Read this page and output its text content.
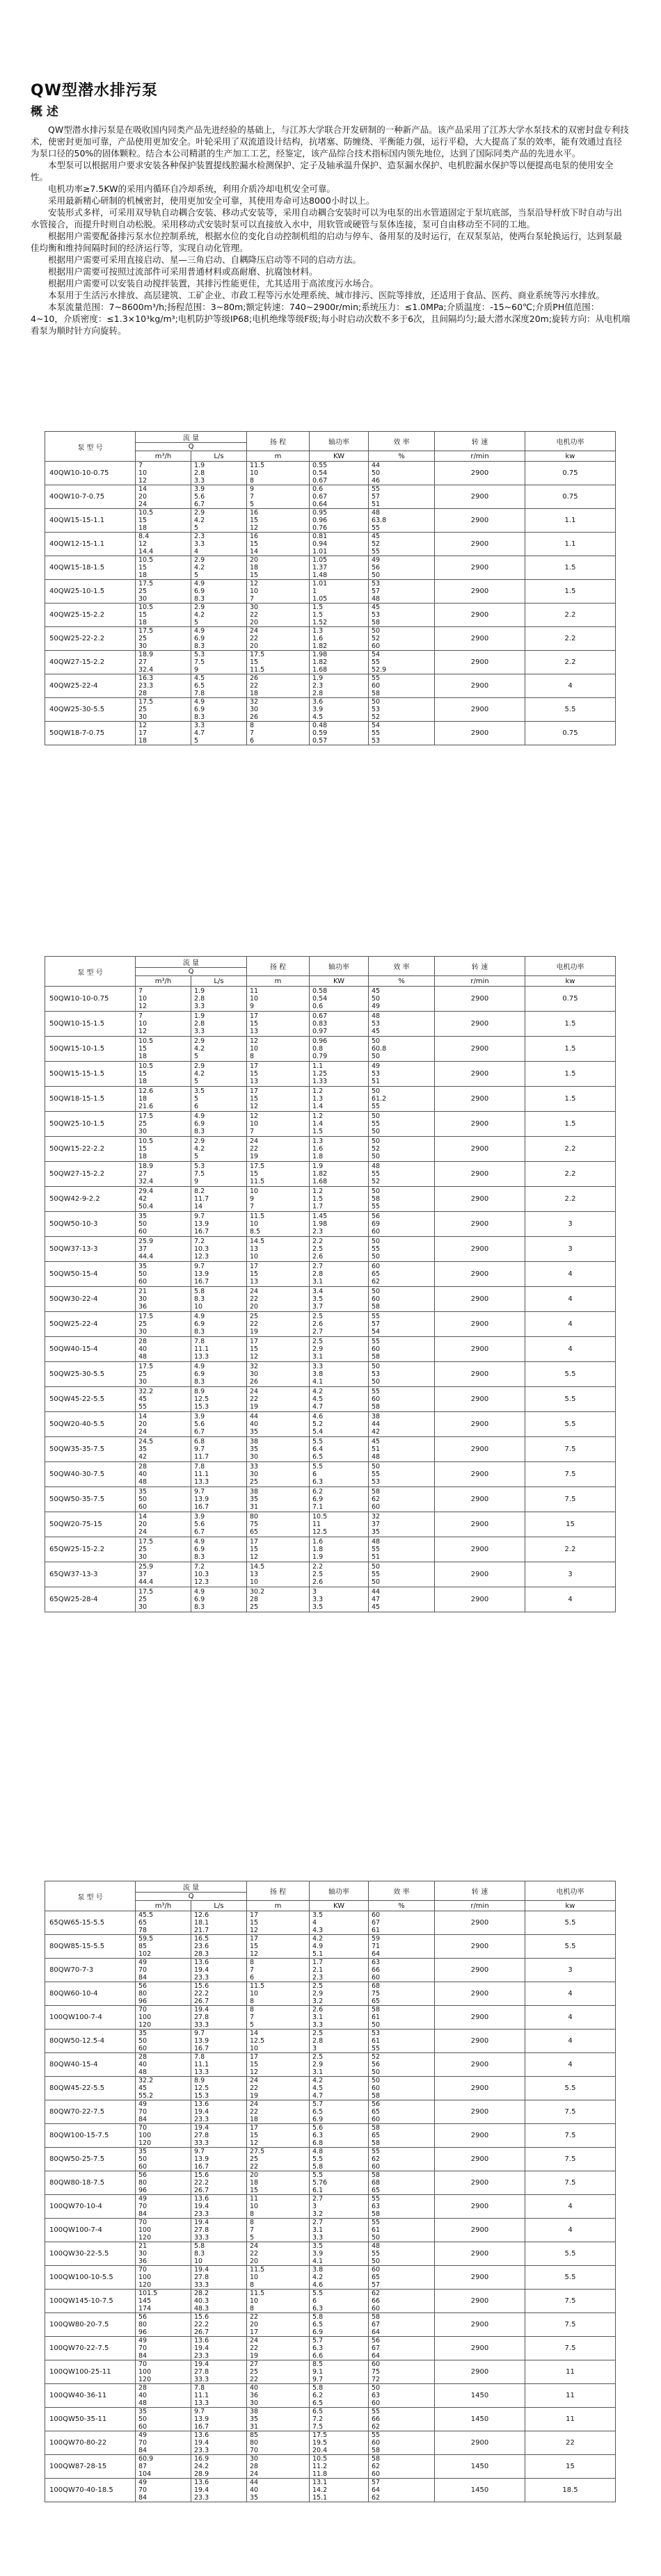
QW型潜水排污泵
概 述

QW型潜水排污泵是在吸收国内同类产品先进经验的基础上，与江苏大学联合开发研制的一种新产品。该产品采用了江苏大学水泵技术的双密封盘专利技术，使密封更加可靠，产品使用更加安全。叶轮采用了双流道设计结构，抗堵塞、防缠绕、平衡能力强，运行平稳，大大提高了泵的效率，能有效通过直径为泵口径的50%的固体颗粒。结合本公司精湛的生产加工工艺，经鉴定，该产品综合技术指标国内领先地位，达到了国际同类产品的先进水平。

本型泵可以根据用户要求安装各种保护装置提线腔漏水检测保护、定子及轴承温升保护、造泵漏水保护、电机腔漏水保护等以便提高电泵的使用安全性。

电机功率≥7.5KW的采用内循环自冷却系统，利用介质冷却电机安全可靠。

采用最新精心研制的机械密封，使用更加安全可靠，其使用寿命可达8000小时以上。

安装形式多样，可采用双导轨自动耦合安装、移动式安装等，采用自动耦合安装时可以为电泵的出水管道固定于泵坑底部，当泵沿导杆放下时自动与出水管接合，而提升时则自动松脱。采用移动式安装时泵可以直接放入水中，用软管或硬管与泵体连接，泵可自由移动至不同的工地。

根据用户需要配备排污泵水位控制系统，根据水位的变化自动控制机组的启动与停车、备用泵的及时运行，在双泵泵站，使两台泵轮换运行，达到泵最佳均衡和维持间隔时间的经济运行等，实现自动化管理。

根据用户需要可采用直接启动、星—三角启动、自耦降压启动等不同的启动方法。

根据用户需要可按照过流部件可采用普通材料或高耐磨、抗腐蚀材料。

根据用户需要可以安装自动搅拌装置，其排污性能更佳，尤其适用于高浓度污水场合。

本泵用于生活污水排放、高层建筑、工矿企业、市政工程等污水处理系统、城市排污、医院等排放，还适用于食品、医药、商业系统等污水排放。

本泵流量范围：7~8600m³/h;扬程范围：3~80m;额定转速：740~2900r/min;系统压力：≤1.0MPa;介质温度：-15~60℃;介质PH值范围：4~10，介质密度：≤1.3×10³kg/m³;电机防护等级IP68;电机绝缘等级F级;每小时启动次数不多于6次，且间隔均匀;最大潜水深度20m;旋转方向：从电机端看泵为顺时针方向旋转。

泵 型 号	流 量		扬 程	轴功率	效 率	转 速	电机功率
	Q						
	m³/h	L/s	m	KW	%	r/min	kw
40QW10-10-0.75	7
10
12	1.9
2.8
3.3	11.5
10
8	0.55
0.54
0.67	44
50
46	2900	0.75
40QW10-7-0.75	14
20
24	3.9
5.6
6.7	9
7
5	0.6
0.67
0.64	55
57
51	2900	0.75
40QW15-15-1.1	10.5
15
18	2.9
4.2
5	16
15
12	0.95
0.96
0.76	48
63.8
55	2900	1.1
40QW12-15-1.1	8.4
12
14.4	2.3
3.3
4	16
15
14	0.81
0.94
1.01	45
52
55	2900	1.1
40QW15-18-1.5	10.5
15
18	2.9
4.2
5	20
18
15	1.05
1.37
1.48	49
56
50	2900	1.5
40QW25-10-1.5	17.5
25
30	4.9
6.9
8.3	12
10
7	1.01
1
1.05	53
57
48	2900	1.5
40QW25-15-2.2	10.5
15
18	2.9
4.2
5	30
22
20	1.5
1.5
1.52	45
53
58	2900	2.2
50QW25-22-2.2	17.5
25
30	4.9
6.9
8.3	24
22
20	1.3
1.6
1.82	50
52
60	2900	2.2
40QW27-15-2.2	18.9
27
32.4	5.3
7.5
9	17.5
15
11.5	1.98
1.82
1.68	54
55
52.9	2900	2.2
40QW25-22-4	16.3
23.3
28	4.5
6.5
7.8	26
22
18	1.9
2.3
2.8	55
60
58	2900	4
40QW25-30-5.5	17.5
25
30	4.9
6.9
8.3	32
30
26	3.6
3.9
4.5	50
53
52	2900	5.5
50QW18-7-0.75	12
17
18	3.3
4.7
5	8
7
6	0.48
0.59
0.57	54
55
53	2900	0.75
泵 型 号	流 量		扬 程	轴功率	效 率	转 速	电机功率
	Q						
	m³/h	L/s	m	KW	%	r/min	kw
50QW10-10-0.75	7
10
12	1.9
2.8
3.3	11
10
9	0.58
0.54
0.6	45
50
49	2900	0.75
50QW10-15-1.5	7
10
12	1.9
2.8
3.3	17
15
13	0.67
0.83
0.97	48
53
45	2900	1.5
50QW15-10-1.5	10.5
15
18	2.9
4.2
5	12
10
8	0.96
0.8
0.79	50
60.8
50	2900	1.5
50QW15-15-1.5	10.5
15
18	2.9
4.2
5	17
15
13	1.1
1.25
1.33	49
53
51	2900	1.5
50QW18-15-1.5	12.6
18
21.6	3.5
5
6	17
15
12	1.2
1.3
1.4	50
61.2
55	2900	1.5
50QW25-10-1.5	17.5
25
30	4.9
6.9
8.3	12
10
7	1.2
1.4
1.5	50
55
50	2900	1.5
50QW15-22-2.2	10.5
15
18	2.9
4.2
5	24
22
19	1.3
1.6
1.8	50
52
50	2900	2.2
50QW27-15-2.2	18.9
27
32.4	5.3
7.5
9	17.5
15
11.5	1.9
1.82
1.68	48
55
52	2900	2.2
50QW42-9-2.2	29.4
42
50.4	8.2
11.7
14	10
9
7	1.2
1.5
1.7	50
58
55	2900	2.2
50QW50-10-3	35
50
60	9.7
13.9
16.7	11.5
10
8.5	1.45
1.98
2.3	56
69
60	2900	3
50QW37-13-3	25.9
37
44.4	7.2
10.3
12.3	14.5
13
10	2.2
2.5
2.6	50
55
50	2900	3
50QW50-15-4	35
50
60	9.7
13.9
16.7	17
15
13	2.7
2.8
3.1	60
65
62	2900	4
50QW30-22-4	21
30
36	5.8
8.3
10	24
22
20	3.4
3.5
3.7	50
60
58	2900	4
50QW25-22-4	17.5
25
30	4.9
6.9
8.3	25
22
19	2.5
2.6
2.7	55
57
54	2900	4
50QW40-15-4	28
40
48	7.8
11.1
13.3	17
15
12	2.5
2.9
3.1	55
60
58	2900	4
50QW25-30-5.5	17.5
25
30	4.9
6.9
8.3	32
30
26	3.3
3.8
4.1	50
53
50	2900	5.5
50QW45-22-5.5	32.2
45
55	8.9
12.5
15.3	24
22
19	4.2
4.5
4.7	55
60
58	2900	5.5
50QW20-40-5.5	14
20
24	3.9
5.6
6.7	44
40
35	4.6
5.2
5.4	38
44
42	2900	5.5
50QW35-35-7.5	24.5
35
42	6.8
9.7
11.7	38
35
30	5.5
6.4
6.5	45
51
48	2900	7.5
50QW40-30-7.5	28
40
48	7.8
11.1
13.3	33
30
25	5.5
6
6.3	50
55
53	2900	7.5
50QW50-35-7.5	35
50
60	9.7
13.9
16.7	38
35
31	6.2
6.9
7.1	58
62
60	2900	7.5
50QW20-75-15	14
20
24	3.9
5.6
6.7	80
75
65	10.5
11
12.5	32
37
35	2900	15
65QW25-15-2.2	17.5
25
30	4.9
6.9
8.3	17
15
12	1.6
1.8
1.9	48
55
51	2900	2.2
65QW37-13-3	25.9
37
44.4	7.2
10.3
12.3	14.5
13
10	2.2
2.5
2.6	50
55
50	2900	3
65QW25-28-4	17.5
25
30	4.9
6.9
8.3	30.2
28
25	3
3.3
3.5	44
47
45	2900	4
泵 型 号	流 量		扬 程	轴功率	效 率	转 速	电机功率
	Q						
	m³/h	L/s	m	KW	%	r/min	kw
65QW65-15-5.5	45.5
65
78	12.6
18.1
21.7	17
15
12	3.5
4
4.3	60
67
61	2900	5.5
80QW85-15-5.5	59.5
85
102	16.5
23.6
28.3	17
15
12	4.2
4.9
5.1	59
71
64	2900	5.5
80QW70-7-3	49
70
84	13.6
19.4
23.3	8
7
6	1.7
2.1
2.3	63
66
60	2900	3
80QW60-10-4	56
80
96	15.6
22.2
26.7	11.5
10
8	2.5
2.9
3.2	68
75
65	2900	4
100QW100-7-4	70
100
120	19.4
27.8
33.3	8
7
5	2.6
3.1
3.3	58
61
50	2900	4
80QW50-12.5-4	35
50
60	9.7
13.9
16.7	14
12.5
10	2.5
2.8
3	53
61
55	2900	4
80QW40-15-4	28
40
48	7.8
11.1
13.3	17
15
12	2.5
2.9
3.1	52
56
50	2900	4
80QW45-22-5.5	32.2
45
55.2	8.9
12.5
15.3	24
22
19	4.2
4.5
4.7	50
60
58	2900	5.5
80QW70-22-7.5	49
70
84	13.6
19.4
23.3	24
22
18	5.7
6.5
6.9	56
65
60	2900	7.5
80QW100-15-7.5	70
100
120	19.4
27.8
33.3	17
15
12	5.6
6.3
6.8	58
65
58	2900	7.5
80QW50-25-7.5	35
50
60	9.7
13.9
16.7	27.5
25
22	4.8
5.5
5.8	55
62
60	2900	7.5
80QW80-18-7.5	56
80
96	15.6
22.2
26.7	20
18
15	5.5
5.76
6.1	58
68
65	2900	7.5
100QW70-10-4	49
70
84	13.6
19.4
23.3	11
10
8	2.7
3
3.2	55
63
58	2900	4
100QW100-7-4	70
100
120	19.4
27.8
33.3	8
7
5	2.7
3.1
3.3	55
61
50	2900	4
100QW30-22-5.5	21
30
36	5.8
8.3
10	24
22
20	3.5
3.9
4.1	48
55
50	2900	5.5
100QW100-10-5.5	70
100
120	19.4
27.8
33.3	11.5
10
8	3.8
4.2
4.6	60
65
57	2900	5.5
100QW145-10-7.5	101.5
145
174	28.2
40.3
48.3	11.5
10
8	5.5
6
6.3	62
66
60	2900	7.5
100QW80-20-7.5	56
80
96	15.6
22.2
26.7	22
20
17	5.8
6.5
6.9	58
67
64	2900	7.5
100QW70-22-7.5	49
70
84	13.6
19.4
23.3	24
22
19	5.7
6.3
6.6	56
67
64	2900	7.5
100QW100-25-11	70
100
120	19.4
27.8
33.3	27
25
22	8.5
9.1
9.7	60
75
72	2900	11
100QW40-36-11	28
40
48	7.8
11.1
13.3	40
36
30	5.8
6.2
6.5	50
63
60	1450	11
100QW50-35-11	35
50
60	9.7
13.9
16.7	38
35
31	6.5
7.2
7.5	55
66
62	1450	11
100QW70-80-22	49
70
84	13.6
19.4
23.3	85
80
70	17.5
19.5
20.4	55
60
58	2900	22
100QW87-28-15	60.9
87
104	16.9
24.2
28.9	30
28
24	10.5
11.2
11.8	58
62
60	1450	15
100QW70-40-18.5	49
70
84	13.6
19.4
23.3	44
40
35	13.1
14.2
15.1	57
64
62	1450	18.5
